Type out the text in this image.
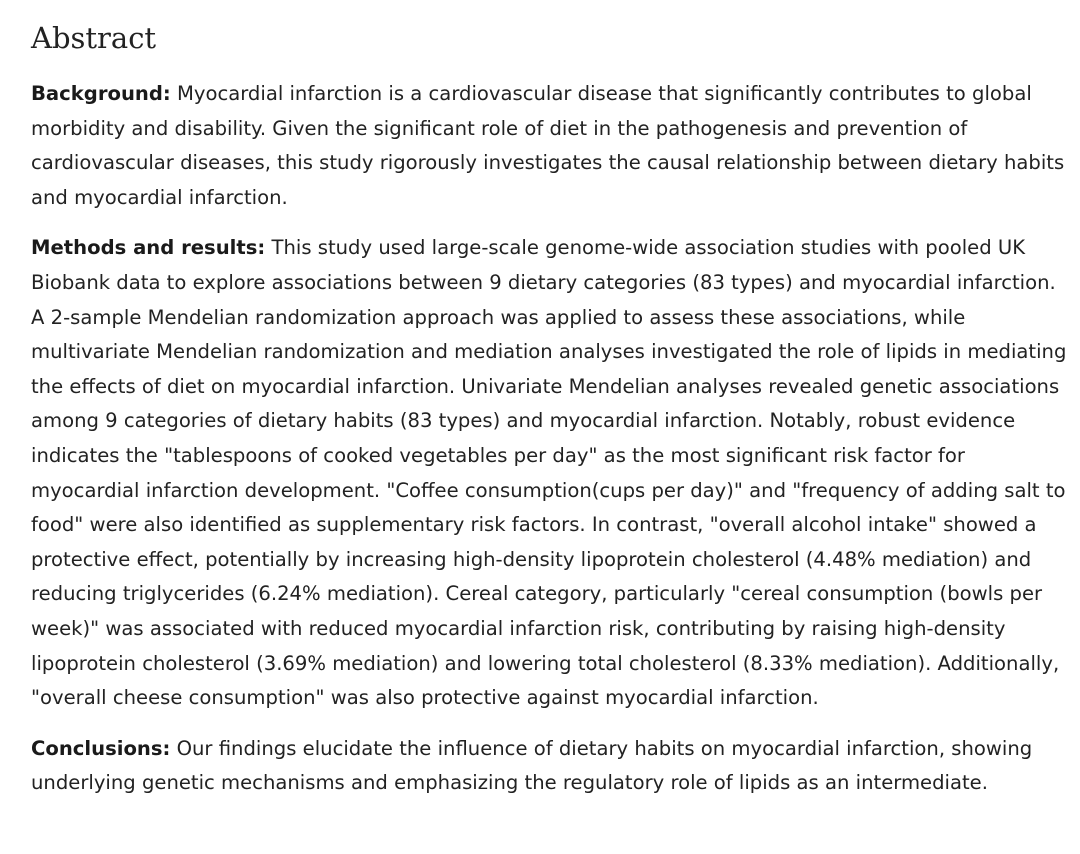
Abstract

Background: Myocardial infarction is a cardiovascular disease that significantly contributes to global morbidity and disability. Given the significant role of diet in the pathogenesis and prevention of cardiovascular diseases, this study rigorously investigates the causal relationship between dietary habits and myocardial infarction.

Methods and results: This study used large-scale genome-wide association studies with pooled UK Biobank data to explore associations between 9 dietary categories (83 types) and myocardial infarction. A 2-sample Mendelian randomization approach was applied to assess these associations, while multivariate Mendelian randomization and mediation analyses investigated the role of lipids in mediating the effects of diet on myocardial infarction. Univariate Mendelian analyses revealed genetic associations among 9 categories of dietary habits (83 types) and myocardial infarction. Notably, robust evidence indicates the "tablespoons of cooked vegetables per day" as the most significant risk factor for myocardial infarction development. "Coffee consumption(cups per day)" and "frequency of adding salt to food" were also identified as supplementary risk factors. In contrast, "overall alcohol intake" showed a protective effect, potentially by increasing high-density lipoprotein cholesterol (4.48% mediation) and reducing triglycerides (6.24% mediation). Cereal category, particularly "cereal consumption (bowls per week)" was associated with reduced myocardial infarction risk, contributing by raising high-density lipoprotein cholesterol (3.69% mediation) and lowering total cholesterol (8.33% mediation). Additionally, "overall cheese consumption" was also protective against myocardial infarction.

Conclusions: Our findings elucidate the influence of dietary habits on myocardial infarction, showing underlying genetic mechanisms and emphasizing the regulatory role of lipids as an intermediate.
